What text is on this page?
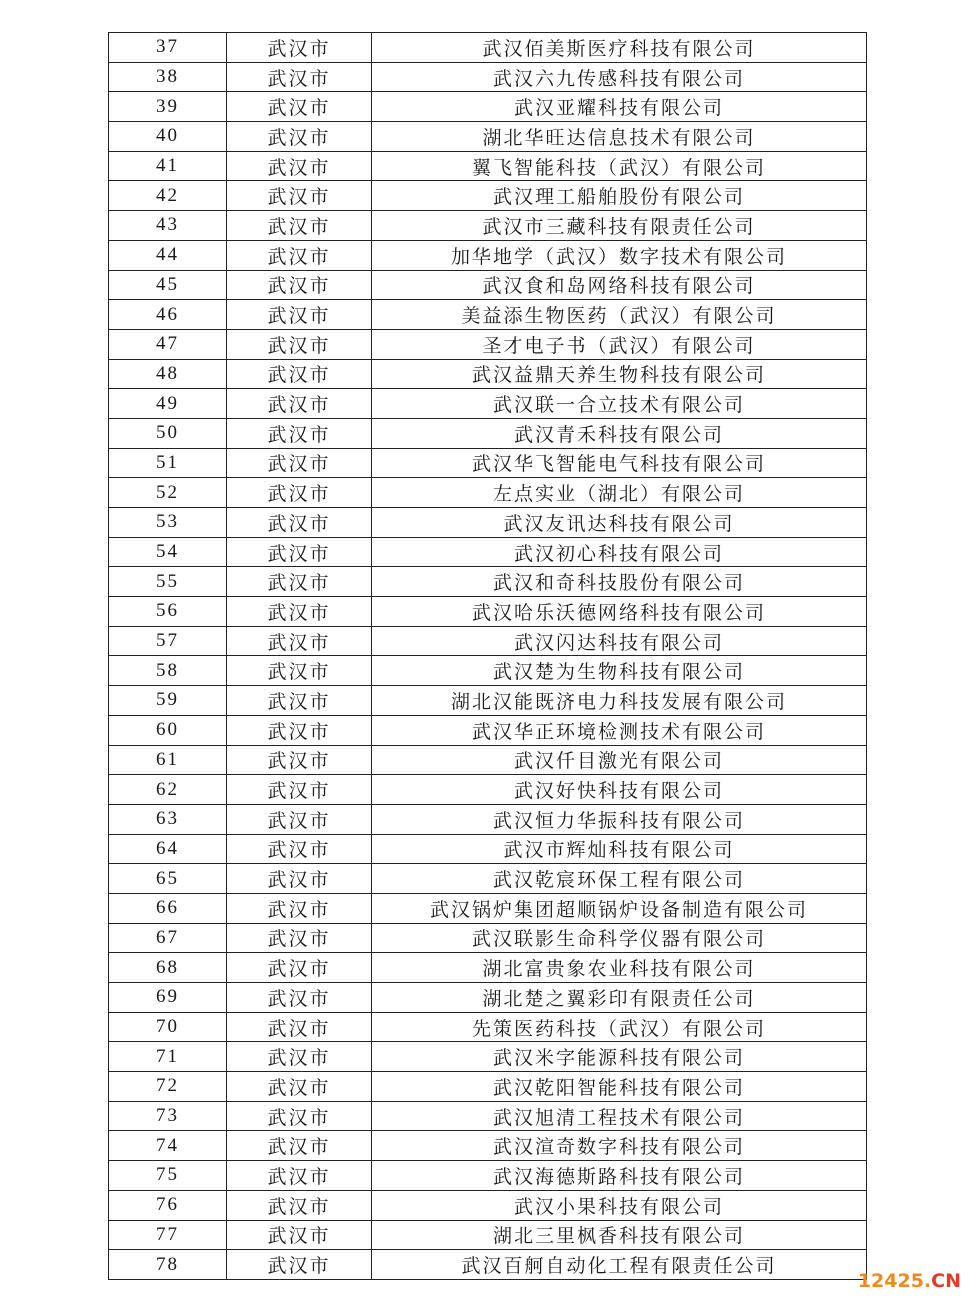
37	武汉市	武汉佰美斯医疗科技有限公司
38	武汉市	武汉六九传感科技有限公司
39	武汉市	武汉亚耀科技有限公司
40	武汉市	湖北华旺达信息技术有限公司
41	武汉市	翼飞智能科技（武汉）有限公司
42	武汉市	武汉理工船舶股份有限公司
43	武汉市	武汉市三藏科技有限责任公司
44	武汉市	加华地学（武汉）数字技术有限公司
45	武汉市	武汉食和岛网络科技有限公司
46	武汉市	美益添生物医药（武汉）有限公司
47	武汉市	圣才电子书（武汉）有限公司
48	武汉市	武汉益鼎天养生物科技有限公司
49	武汉市	武汉联一合立技术有限公司
50	武汉市	武汉青禾科技有限公司
51	武汉市	武汉华飞智能电气科技有限公司
52	武汉市	左点实业（湖北）有限公司
53	武汉市	武汉友讯达科技有限公司
54	武汉市	武汉初心科技有限公司
55	武汉市	武汉和奇科技股份有限公司
56	武汉市	武汉哈乐沃德网络科技有限公司
57	武汉市	武汉闪达科技有限公司
58	武汉市	武汉楚为生物科技有限公司
59	武汉市	湖北汉能既济电力科技发展有限公司
60	武汉市	武汉华正环境检测技术有限公司
61	武汉市	武汉仟目激光有限公司
62	武汉市	武汉好快科技有限公司
63	武汉市	武汉恒力华振科技有限公司
64	武汉市	武汉市辉灿科技有限公司
65	武汉市	武汉乾宸环保工程有限公司
66	武汉市	武汉锅炉集团超顺锅炉设备制造有限公司
67	武汉市	武汉联影生命科学仪器有限公司
68	武汉市	湖北富贵象农业科技有限公司
69	武汉市	湖北楚之翼彩印有限责任公司
70	武汉市	先策医药科技（武汉）有限公司
71	武汉市	武汉米字能源科技有限公司
72	武汉市	武汉乾阳智能科技有限公司
73	武汉市	武汉旭清工程技术有限公司
74	武汉市	武汉渲奇数字科技有限公司
75	武汉市	武汉海德斯路科技有限公司
76	武汉市	武汉小果科技有限公司
77	武汉市	湖北三里枫香科技有限公司
78	武汉市	武汉百舸自动化工程有限责任公司
12425.CN
